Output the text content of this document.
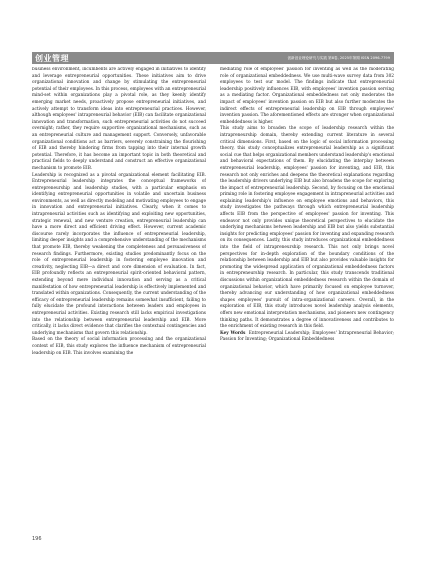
创业管理	创新创业理论研究与实践 第8卷, 2025年第期 ISSN 2096-7799

business environment, incumbents are actively engaged in initiatives to identify and leverage entrepreneurial opportunities. These initiatives aim to drive organizational innovation and change by stimulating the entrepreneurial potential of their employees. In this process, employees with an entrepreneurial mind-set within organizations play a pivotal role, as they keenly identify emerging market needs, proactively propose entrepreneurial initiatives, and actively attempt to transform ideas into entrepreneurial practices. However, although employees' intrapreneurial behavior (EIB) can facilitate organizational innovation and transformation, such entrepreneurial activities do not succeed overnight; rather, they require supportive organizational mechanisms, such as an entrepreneurial culture and management support. Conversely, unfavorable organizational conditions act as barriers, severely constraining the flourishing of EIB and thereby hindering firms from tapping into their internal growth potential. Therefore, it has become an important topic in both theoretical and practical fields to deeply understand and construct an effective organizational mechanism to promote EIB.

Leadership is recognized as a pivotal organizational element facilitating EIB. Entrepreneurial leadership integrates the conceptual frameworks of entrepreneurship and leadership studies, with a particular emphasis on identifying entrepreneurial opportunities in volatile and uncertain business environments, as well as directly modeling and motivating employees to engage in innovation and entrepreneurial initiatives. Clearly, when it comes to intrapreneurial activities such as identifying and exploiting new opportunities, strategic renewal, and new venture creation, entrepreneurial leadership can have a more direct and efficient driving effect. However, current academic discourse rarely incorporates the influence of entrepreneurial leadership, limiting deeper insights and a comprehensive understanding of the mechanisms that promote EIB, thereby weakening the completeness and persuasiveness of research findings. Furthermore, existing studies predominantly focus on the role of entrepreneurial leadership in fostering employee innovation and creativity, neglecting EIB—a direct and core dimension of evaluation. In fact, EIB profoundly reflects an entrepreneurial spirit-oriented behavioral pattern, extending beyond mere individual innovation and serving as a critical manifestation of how entrepreneurial leadership is effectively implemented and translated within organizations. Consequently, the current understanding of the efficacy of entrepreneurial leadership remains somewhat insufficient, failing to fully elucidate the profound interactions between leaders and employees in entrepreneurial activities. Existing research still lacks empirical investigations into the relationship between entrepreneurial leadership and EIB. More critically, it lacks direct evidence that clarifies the contextual contingencies and underlying mechanisms that govern this relationship.

Based on the theory of social information processing and the organizational context of EIB, this study explores the influence mechanism of entrepreneurial leadership on EIB. This involves examining the

mediating role of employees' passion for inventing as well as the moderating role of organizational embeddedness. We use multi-wave survey data from 302 employees to test our model. The findings indicate that entrepreneurial leadership positively influences EIB, with employees' invention passion serving as a mediating factor. Organizational embeddedness not only moderates the impact of employees' invention passion on EIB but also further moderates the indirect effects of entrepreneurial leadership on EIB through employees' invention passion. The aforementioned effects are stronger when organizational embeddedness is higher.

This study aims to broaden the scope of leadership research within the intrapreneurship domain, thereby extending current literature in several critical dimensions. First, based on the logic of social information processing theory, this study conceptualizes entrepreneurial leadership as a significant social cue that helps organizational members understand leadership's emotional and behavioral expectations of them. By elucidating the interplay between entrepreneurial leadership, employees' passion for inventing, and EIB, this research not only enriches and deepens the theoretical explanations regarding the leadership drivers underlying EIB but also broadens the scope for exploring the impact of entrepreneurial leadership. Second, by focusing on the emotional priming role in fostering employee engagement in intrapreneurial activities and explaining leadership's influence on employee emotions and behaviors, this study investigates the pathways through which entrepreneurial leadership affects EIB from the perspective of employees' passion for inventing. This endeavor not only provides unique theoretical perspectives to elucidate the underlying mechanisms between leadership and EIB but also yields substantial insights for predicting employees' passion for inventing and expanding research on its consequences. Lastly, this study introduces organizational embeddedness into the field of intrapreneurship research. This not only brings novel perspectives for in-depth exploration of the boundary conditions of the relationship between leadership and EIB but also provides valuable insights for promoting the widespread application of organizational embeddedness factors in entrepreneurship research. In particular, this study transcends traditional discussions within organizational embeddedness research within the domain of organizational behavior, which have primarily focused on employee turnover, thereby advancing our understanding of how organizational embeddedness shapes employees' pursuit of intra-organizational careers. Overall, in the exploration of EIB, this study introduces novel leadership analysis elements, offers new emotional interpretation mechanisms, and pioneers new contingency thinking paths. It demonstrates a degree of innovativeness and contributes to the enrichment of existing research in this field.

Key Words Entrepreneurial Leadership; Employees' Intrapreneurial Behavior; Passion for Inventing; Organizational Embeddedness

196
